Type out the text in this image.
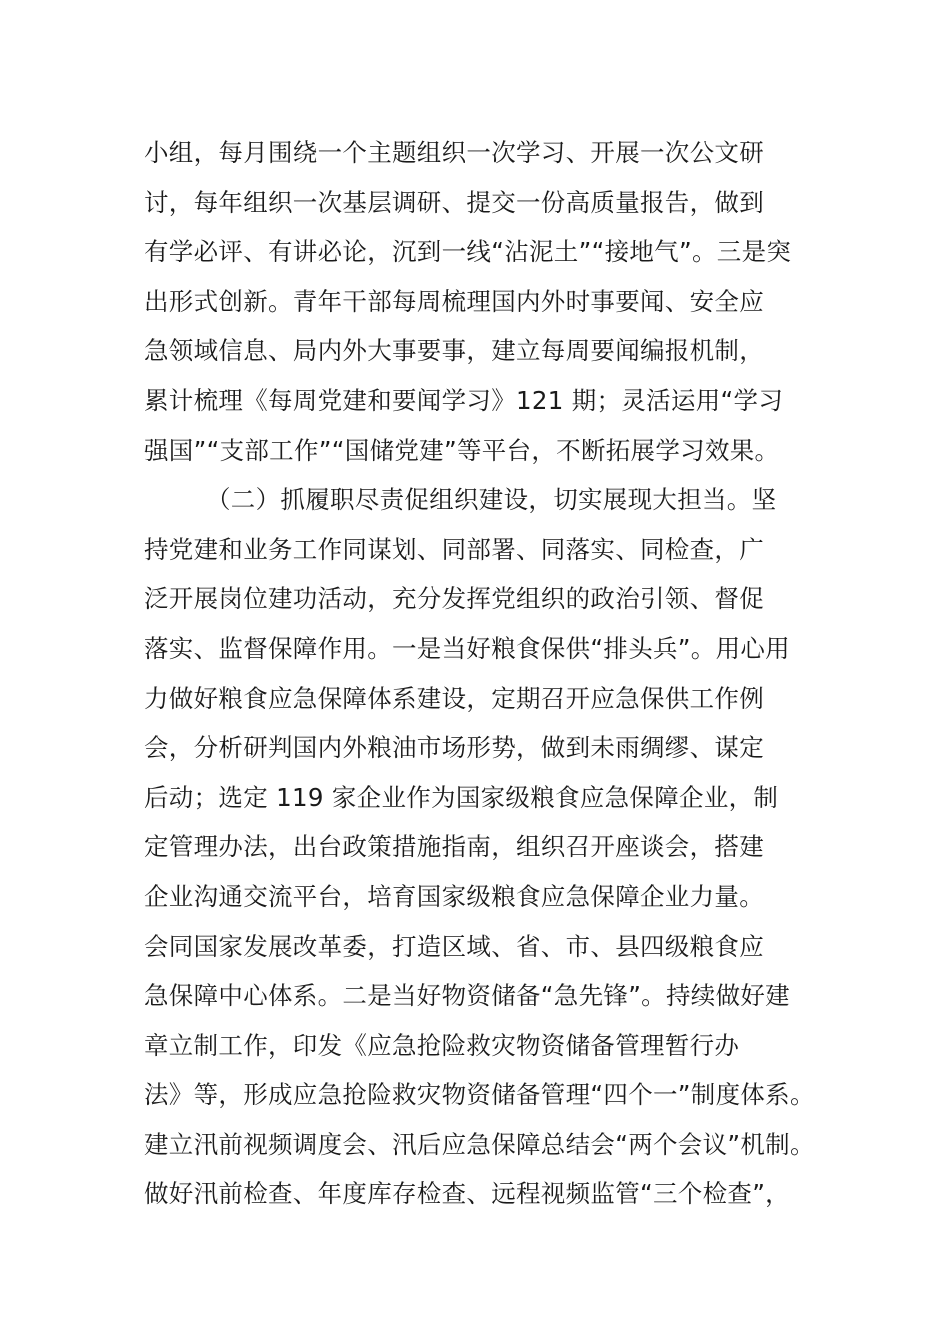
小组，每月围绕一个主题组织一次学习、开展一次公文研
讨，每年组织一次基层调研、提交一份高质量报告，做到
有学必评、有讲必论，沉到一线“沾泥土”“接地气”。三是突
出形式创新。青年干部每周梳理国内外时事要闻、安全应
急领域信息、局内外大事要事，建立每周要闻编报机制，
累计梳理《每周党建和要闻学习》121 期；灵活运用“学习
强国”“支部工作”“国储党建”等平台，不断拓展学习效果。
（二）抓履职尽责促组织建设，切实展现大担当。坚
持党建和业务工作同谋划、同部署、同落实、同检查，广
泛开展岗位建功活动，充分发挥党组织的政治引领、督促
落实、监督保障作用。一是当好粮食保供“排头兵”。用心用
力做好粮食应急保障体系建设，定期召开应急保供工作例
会，分析研判国内外粮油市场形势，做到未雨绸缪、谋定
后动；选定 119 家企业作为国家级粮食应急保障企业，制
定管理办法，出台政策措施指南，组织召开座谈会，搭建
企业沟通交流平台，培育国家级粮食应急保障企业力量。
会同国家发展改革委，打造区域、省、市、县四级粮食应
急保障中心体系。二是当好物资储备“急先锋”。持续做好建
章立制工作，印发《应急抢险救灾物资储备管理暂行办
法》等，形成应急抢险救灾物资储备管理“四个一”制度体系。
建立汛前视频调度会、汛后应急保障总结会“两个会议”机制。
做好汛前检查、年度库存检查、远程视频监管“三个检查”，
